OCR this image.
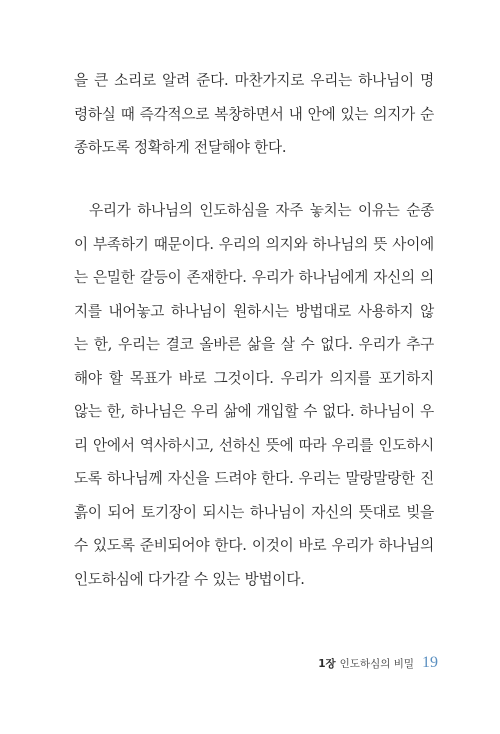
을 큰 소리로 알려 준다. 마찬가지로 우리는 하나님이 명
령하실 때 즉각적으로 복창하면서 내 안에 있는 의지가 순
종하도록 정확하게 전달해야 한다.
우리가 하나님의 인도하심을 자주 놓치는 이유는 순종
이 부족하기 때문이다. 우리의 의지와 하나님의 뜻 사이에
는 은밀한 갈등이 존재한다. 우리가 하나님에게 자신의 의
지를 내어놓고 하나님이 원하시는 방법대로 사용하지 않
는 한, 우리는 결코 올바른 삶을 살 수 없다. 우리가 추구
해야 할 목표가 바로 그것이다. 우리가 의지를 포기하지
않는 한, 하나님은 우리 삶에 개입할 수 없다. 하나님이 우
리 안에서 역사하시고, 선하신 뜻에 따라 우리를 인도하시
도록 하나님께 자신을 드려야 한다. 우리는 말랑말랑한 진
흙이 되어 토기장이 되시는 하나님이 자신의 뜻대로 빚을
수 있도록 준비되어야 한다. 이것이 바로 우리가 하나님의
인도하심에 다가갈 수 있는 방법이다.
1장 인도하심의 비밀 19
